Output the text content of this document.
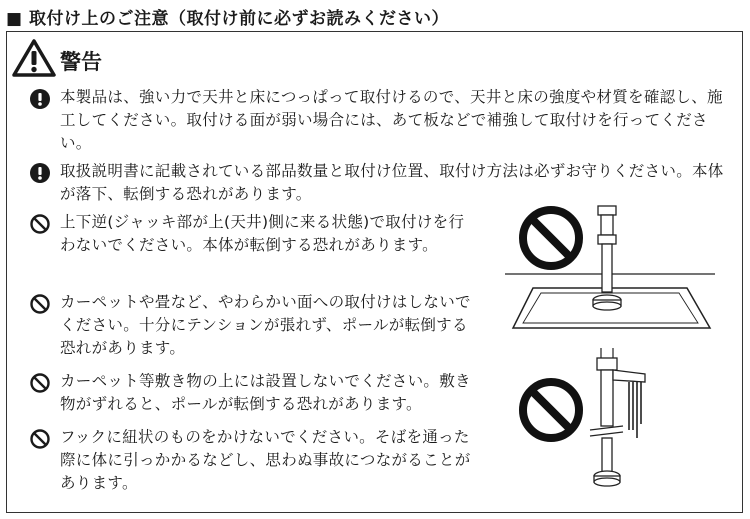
■ 取付け上のご注意（取付け前に必ずお読みください）
警告
本製品は、強い力で天井と床につっぱって取付けるので、天井と床の強度や材質を確認し、施工してください。取付ける面が弱い場合には、あて板などで補強して取付けを行ってください。
取扱説明書に記載されている部品数量と取付け位置、取付け方法は必ずお守りください。本体が落下、転倒する恐れがあります。
上下逆(ジャッキ部が上(天井)側に来る状態)で取付けを行わないでください。本体が転倒する恐れがあります。
カーペットや畳など、やわらかい面への取付けはしないでください。十分にテンションが張れず、ポールが転倒する恐れがあります。
カーペット等敷き物の上には設置しないでください。敷き物がずれると、ポールが転倒する恐れがあります。
フックに紐状のものをかけないでください。そばを通った際に体に引っかかるなどし、思わぬ事故につながることがあります。
